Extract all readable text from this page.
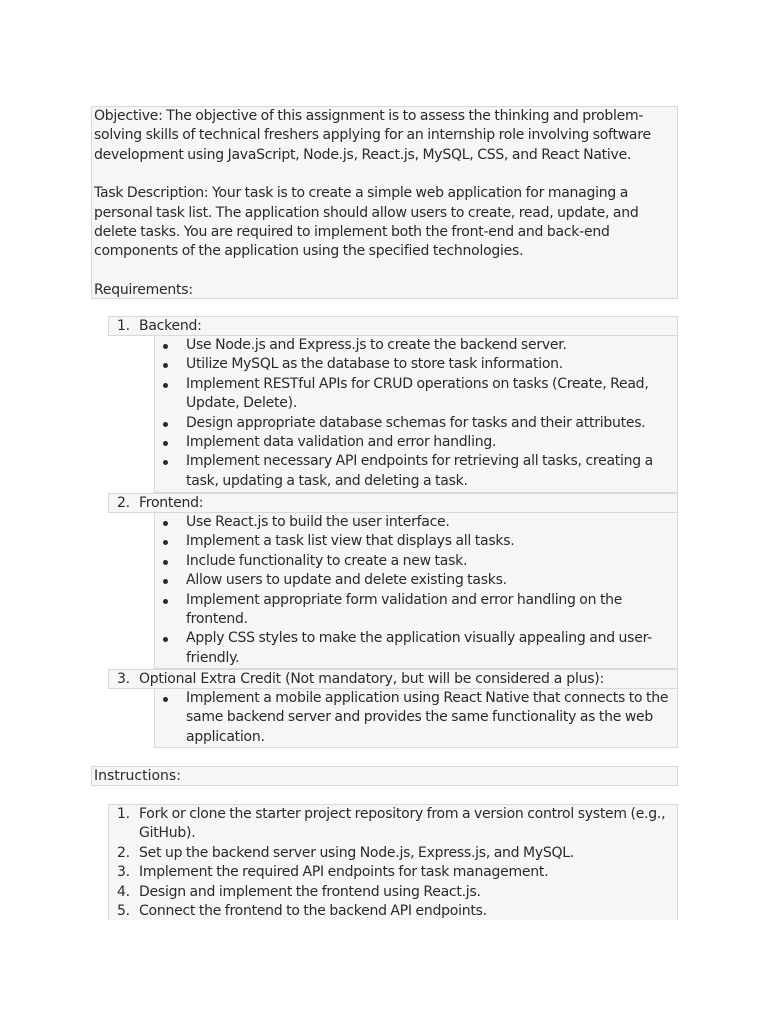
Objective: The objective of this assignment is to assess the thinking and problem-solving skills of technical freshers applying for an internship role involving software development using JavaScript, Node.js, React.js, MySQL, CSS, and React Native.

Task Description: Your task is to create a simple web application for managing a personal task list. The application should allow users to create, read, update, and delete tasks. You are required to implement both the front-end and back-end components of the application using the specified technologies.

Requirements:

1. Backend:
Use Node.js and Express.js to create the backend server.
Utilize MySQL as the database to store task information.
Implement RESTful APIs for CRUD operations on tasks (Create, Read, Update, Delete).
Design appropriate database schemas for tasks and their attributes.
Implement data validation and error handling.
Implement necessary API endpoints for retrieving all tasks, creating a task, updating a task, and deleting a task.
2. Frontend:
Use React.js to build the user interface.
Implement a task list view that displays all tasks.
Include functionality to create a new task.
Allow users to update and delete existing tasks.
Implement appropriate form validation and error handling on the frontend.
Apply CSS styles to make the application visually appealing and user-friendly.
3. Optional Extra Credit (Not mandatory, but will be considered a plus):
Implement a mobile application using React Native that connects to the same backend server and provides the same functionality as the web application.
Instructions:
1. Fork or clone the starter project repository from a version control system (e.g., GitHub).
2. Set up the backend server using Node.js, Express.js, and MySQL.
3. Implement the required API endpoints for task management.
4. Design and implement the frontend using React.js.
5. Connect the frontend to the backend API endpoints.
